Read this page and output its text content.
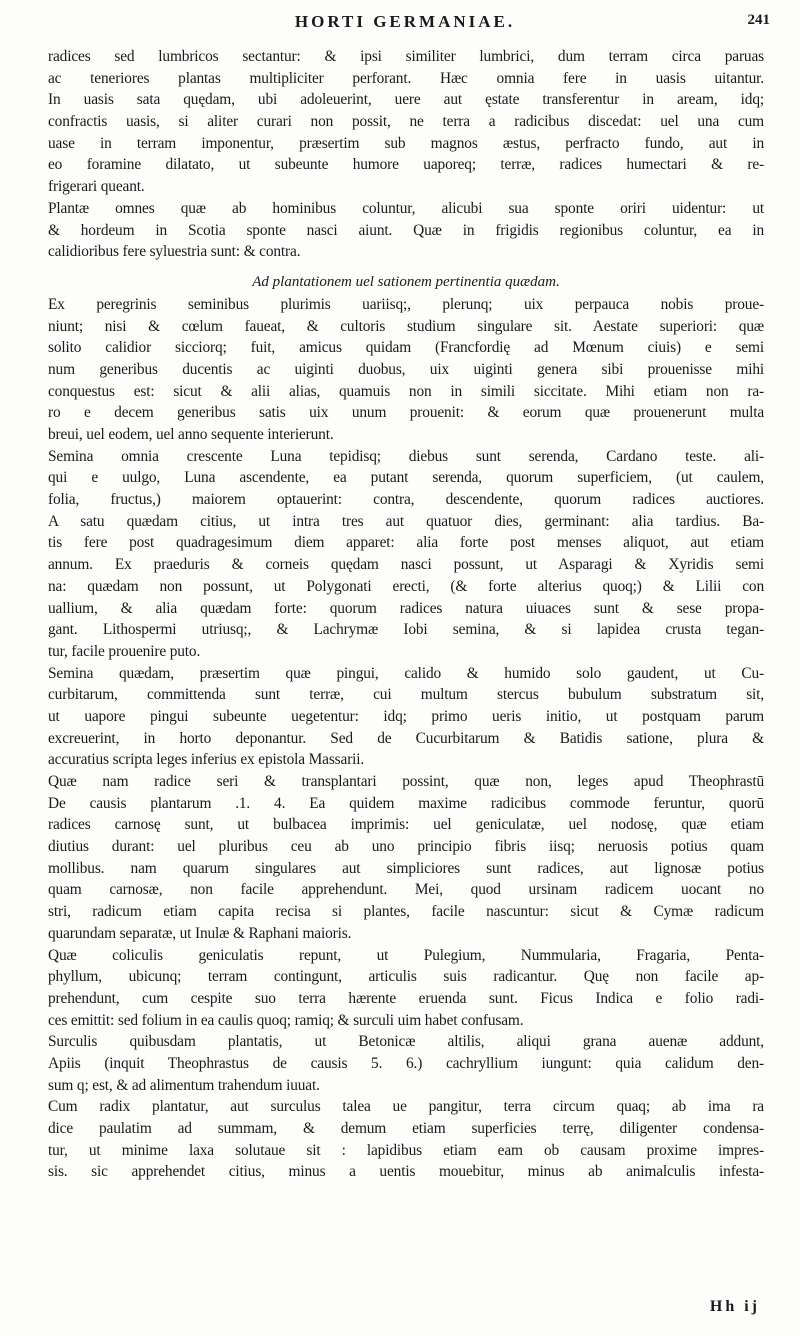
HORTI GERMANIAE.	241
radices sed lumbricos sectantur: & ipsi similiter lumbrici, dum terram circa paruas
ac teneriores plantas multipliciter perforant. Hæc omnia fere in uasis uitantur.
In uasis sata quędam, ubi adoleuerint, uere aut ęstate transferentur in aream, idq;
confractis uasis, si aliter curari non possit, ne terra a radicibus discedat: uel una cum
uase in terram imponentur, præsertim sub magnos æstus, perfracto fundo, aut in
eo foramine dilatato, ut subeunte humore uaporeq; terræ, radices humectari & re-
frigerari queant.
Plantæ omnes quæ ab hominibus coluntur, alicubi sua sponte oriri uidentur: ut
& hordeum in Scotia sponte nasci aiunt. Quæ in frigidis regionibus coluntur, ea in
calidioribus fere syluestria sunt: & contra.
Ad plantationem uel sationem pertinentia quædam.
Ex peregrinis seminibus plurimis uariisq;, plerunq; uix perpauca nobis proue-
niunt; nisi & cœlum faueat, & cultoris studium singulare sit. Aestate superiori: quæ
solito calidior sicciorq; fuit, amicus quidam (Francfordię ad Mœnum ciuis) e semi
num generibus ducentis ac uiginti duobus, uix uiginti genera sibi prouenisse mihi
conquestus est: sicut & alii alias, quamuis non in simili siccitate. Mihi etiam non ra-
ro e decem generibus satis uix unum prouenit: & eorum quæ prouenerunt multa
breui, uel eodem, uel anno sequente interierunt.
Semina omnia crescente Luna tepidisq; diebus sunt serenda, Cardano teste. ali-
qui e uulgo, Luna ascendente, ea putant serenda, quorum superficiem, (ut caulem,
folia, fructus,) maiorem optauerint: contra, descendente, quorum radices auctiores.
A satu quædam citius, ut intra tres aut quatuor dies, germinant: alia tardius. Ba-
tis fere post quadragesimum diem apparet: alia forte post menses aliquot, aut etiam
annum. Ex praeduris & corneis quędam nasci possunt, ut Asparagi & Xyridis semi
na: quædam non possunt, ut Polygonati erecti, (& forte alterius quoq;) & Lilii con
uallium, & alia quædam forte: quorum radices natura uiuaces sunt & sese propa-
gant. Lithospermi utriusq;, & Lachrymæ Iobi semina, & si lapidea crusta tegan-
tur, facile prouenire puto.
Semina quædam, præsertim quæ pingui, calido & humido solo gaudent, ut Cu-
curbitarum, committenda sunt terræ, cui multum stercus bubulum substratum sit,
ut uapore pingui subeunte uegetentur: idq; primo ueris initio, ut postquam parum
excreuerint, in horto deponantur. Sed de Cucurbitarum & Batidis satione, plura &
accuratius scripta leges inferius ex epistola Massarii.
Quæ nam radice seri & transplantari possint, quæ non, leges apud Theophrastū
De causis plantarum .1. 4. Ea quidem maxime radicibus commode feruntur, quorū
radices carnosę sunt, ut bulbacea imprimis: uel geniculatæ, uel nodosę, quæ etiam
diutius durant: uel pluribus ceu ab uno principio fibris iisq; neruosis potius quam
mollibus. nam quarum singulares aut simpliciores sunt radices, aut lignosæ potius
quam carnosæ, non facile apprehendunt. Mei, quod ursinam radicem uocant no
stri, radicum etiam capita recisa si plantes, facile nascuntur: sicut & Cymæ radicum
quarundam separatæ, ut Inulæ & Raphani maioris.
Quæ coliculis geniculatis repunt, ut Pulegium, Nummularia, Fragaria, Penta-
phyllum, ubicunq; terram contingunt, articulis suis radicantur. Quę non facile ap-
prehendunt, cum cespite suo terra hærente eruenda sunt. Ficus Indica e folio radi-
ces emittit: sed folium in ea caulis quoq; ramiq; & surculi uim habet confusam.
Surculis quibusdam plantatis, ut Betonicæ altilis, aliqui grana auenæ addunt,
Apiis (inquit Theophrastus de causis 5. 6.) cachryllium iungunt: quia calidum den-
sum q; est, & ad alimentum trahendum iuuat.
Cum radix plantatur, aut surculus talea ue pangitur, terra circum quaq; ab ima ra
dice paulatim ad summam, & demum etiam superficies terrę, diligenter condensa-
tur, ut minime laxa solutaue sit : lapidibus etiam eam ob causam proxime impres-
sis. sic apprehendet citius, minus a uentis mouebitur, minus ab animalculis infesta-
Hh ij
